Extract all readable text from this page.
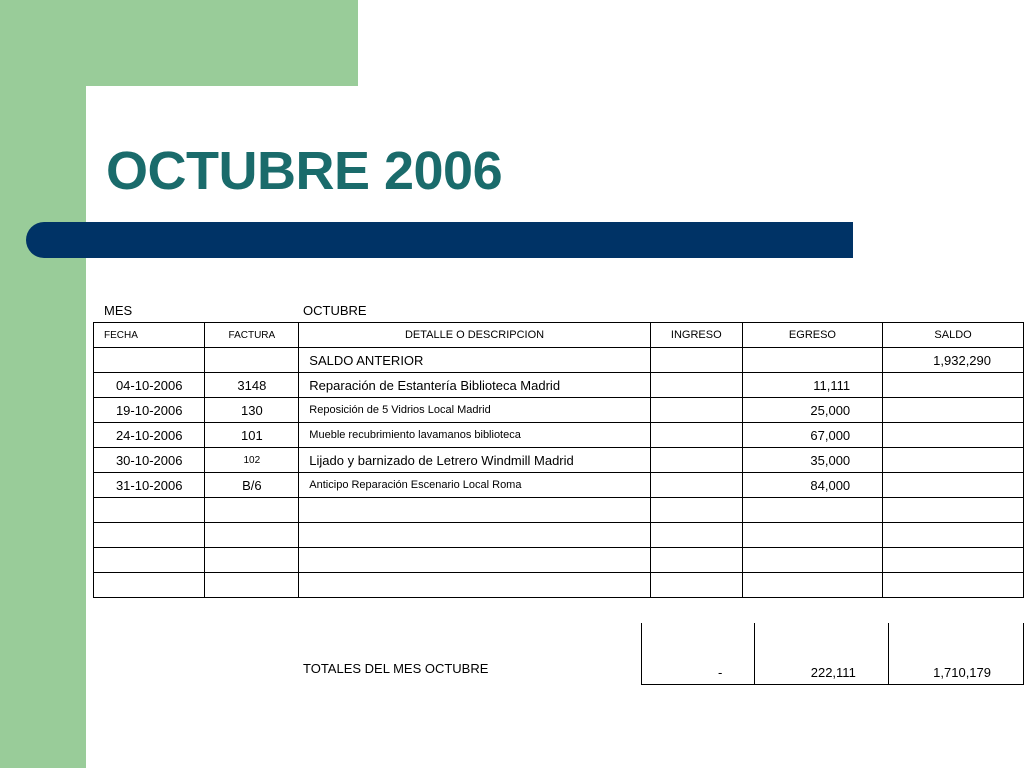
OCTUBRE 2006
MES	OCTUBRE
FECHA	FACTURA	DETALLE O DESCRIPCION	INGRESO	EGRESO	SALDO
		SALDO ANTERIOR			1,932,290
04-10-2006	3148	Reparación de Estantería Biblioteca Madrid		11,111	
19-10-2006	130	Reposición de 5 Vidrios Local Madrid		25,000	
24-10-2006	101	Mueble recubrimiento lavamanos biblioteca		67,000	
30-10-2006	102	Lijado y barnizado de Letrero Windmill Madrid		35,000	
31-10-2006	B/6	Anticipo Reparación Escenario Local Roma		84,000	

TOTALES DEL MES OCTUBRE	-	222,111	1,710,179
